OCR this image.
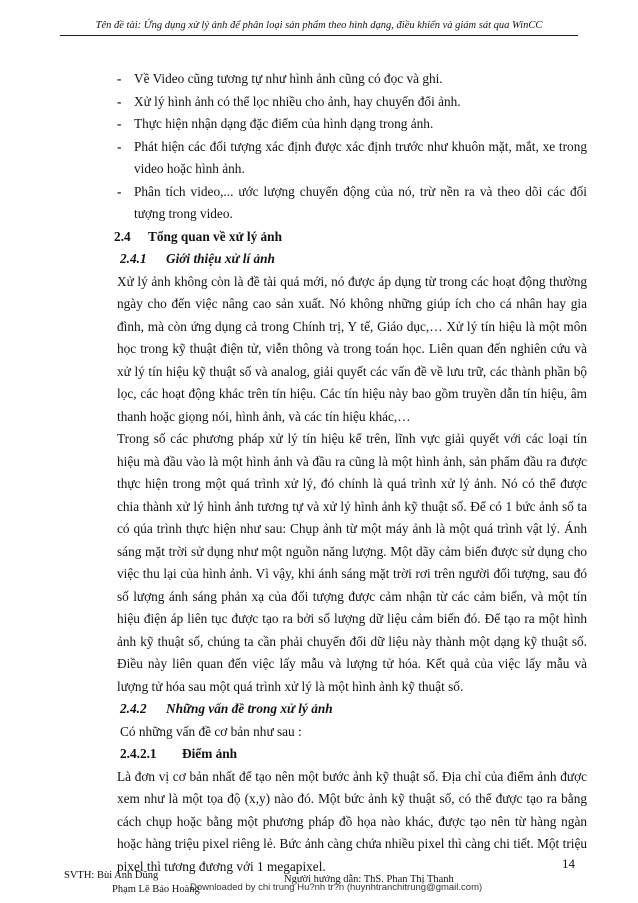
Tên đề tài: Ứng dụng xử lý ảnh để phân loại sản phẩm theo hình dạng, điều khiển và giám sát qua WinCC
- Về Video cũng tương tự như hình ảnh cũng có đọc và ghi.
- Xử lý hình ảnh có thể lọc nhiều cho ảnh, hay chuyển đổi ảnh.
- Thực hiện nhận dạng đặc điểm của hình dạng trong ảnh.
- Phát hiện các đối tượng xác định được xác định trước như khuôn mặt, mắt, xe trong video hoặc hình ảnh.
- Phân tích video,... ước lượng chuyển động của nó, trừ nền ra và theo dõi các đối tượng trong video.
2.4 Tổng quan về xử lý ảnh
2.4.1 Giới thiệu xử lí ảnh
Xử lý ảnh không còn là đề tài quá mới, nó được áp dụng từ trong các hoạt động thường ngày cho đến việc nâng cao sản xuất. Nó không những giúp ích cho cá nhân hay gia đình, mà còn ứng dụng cả trong Chính trị, Y tế, Giáo dục,… Xử lý tín hiệu là một môn học trong kỹ thuật điện tử, viễn thông và trong toán học. Liên quan đến nghiên cứu và xử lý tín hiệu kỹ thuật số và analog, giải quyết các vấn đề về lưu trữ, các thành phần bộ lọc, các hoạt động khác trên tín hiệu. Các tín hiệu này bao gồm truyền dẫn tín hiệu, âm thanh hoặc giọng nói, hình ảnh, và các tín hiệu khác,…
Trong số các phương pháp xử lý tín hiệu kể trên, lĩnh vực giải quyết với các loại tín hiệu mà đầu vào là một hình ảnh và đầu ra cũng là một hình ảnh, sản phẩm đầu ra được thực hiện trong một quá trình xử lý, đó chính là quá trình xử lý ảnh. Nó có thể được chia thành xử lý hình ảnh tương tự và xử lý hình ảnh kỹ thuật số. Để có 1 bức ảnh số ta có qúa trình thực hiện như sau: Chụp ảnh từ một máy ảnh là một quá trình vật lý. Ánh sáng mặt trời sử dụng như một nguồn năng lượng. Một dãy cảm biến được sử dụng cho việc thu lại của hình ảnh. Vì vậy, khi ánh sáng mặt trời rơi trên người đối tượng, sau đó số lượng ánh sáng phản xạ của đối tượng được cảm nhận từ các cảm biến, và một tín hiệu điện áp liên tục được tạo ra bởi số lượng dữ liệu cảm biến đó. Để tạo ra một hình ảnh kỹ thuật số, chúng ta cần phải chuyển đổi dữ liệu này thành một dạng kỹ thuật số. Điều này liên quan đến việc lấy mẫu và lượng tử hóa. Kết quả của việc lấy mẫu và lượng tử hóa sau một quá trình xử lý là một hình ảnh kỹ thuật số.
2.4.2 Những vấn đề trong xử lý ảnh
Có những vấn đề cơ bản như sau :
2.4.2.1 Điểm ảnh
Là đơn vị cơ bản nhất để tạo nên một bước ảnh kỹ thuật số. Địa chỉ của điểm ảnh được xem như là một tọa độ (x,y) nào đó. Một bức ảnh kỹ thuật số, có thể được tạo ra bằng cách chụp hoặc bằng một phương pháp đồ họa nào khác, được tạo nên từ hàng ngàn hoặc hàng triệu pixel riêng lẻ. Bức ảnh càng chứa nhiều pixel thì càng chi tiết. Một triệu pixel thì tương đương với 1 megapixel.	14
SVTH: Bùi Anh Dũng
Phạm Lê Bảo Hoàng
Người hướng dẫn: ThS. Phan Thị Thanh
Downloaded by chi trung Hu?nh tr?n (huynhtranchitrung@gmail.com)
